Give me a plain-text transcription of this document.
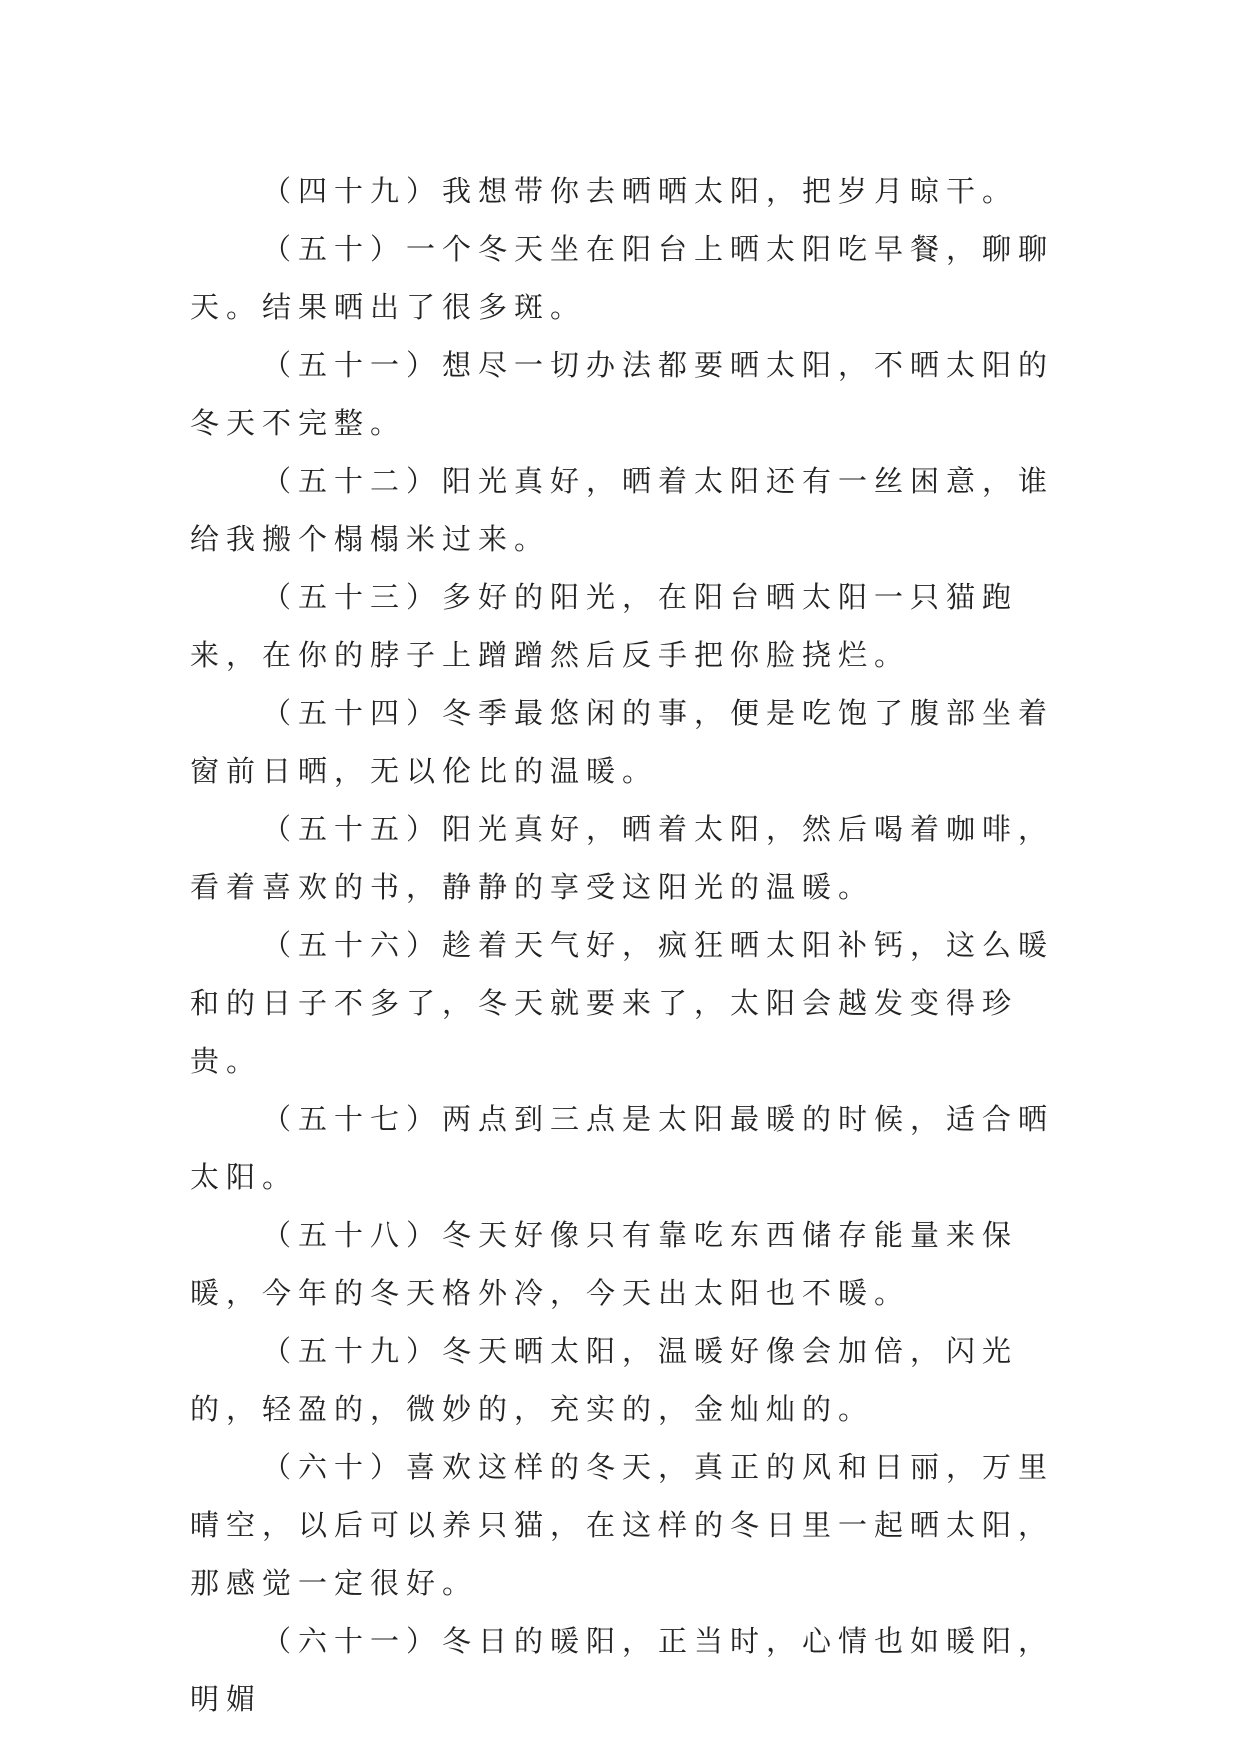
（四十九）我想带你去晒晒太阳，把岁月晾干。

（五十）一个冬天坐在阳台上晒太阳吃早餐，聊聊天。结果晒出了很多斑。

（五十一）想尽一切办法都要晒太阳，不晒太阳的冬天不完整。

（五十二）阳光真好，晒着太阳还有一丝困意，谁给我搬个榻榻米过来。

（五十三）多好的阳光，在阳台晒太阳一只猫跑来，在你的脖子上蹭蹭然后反手把你脸挠烂。

（五十四）冬季最悠闲的事，便是吃饱了腹部坐着窗前日晒，无以伦比的温暖。

（五十五）阳光真好，晒着太阳，然后喝着咖啡，看着喜欢的书，静静的享受这阳光的温暖。

（五十六）趁着天气好，疯狂晒太阳补钙，这么暖和的日子不多了，冬天就要来了，太阳会越发变得珍贵。

（五十七）两点到三点是太阳最暖的时候，适合晒太阳。

（五十八）冬天好像只有靠吃东西储存能量来保暖，今年的冬天格外冷，今天出太阳也不暖。

（五十九）冬天晒太阳，温暖好像会加倍，闪光的，轻盈的，微妙的，充实的，金灿灿的。

（六十）喜欢这样的冬天，真正的风和日丽，万里晴空，以后可以养只猫，在这样的冬日里一起晒太阳，那感觉一定很好。

（六十一）冬日的暖阳，正当时，心情也如暖阳，明媚
